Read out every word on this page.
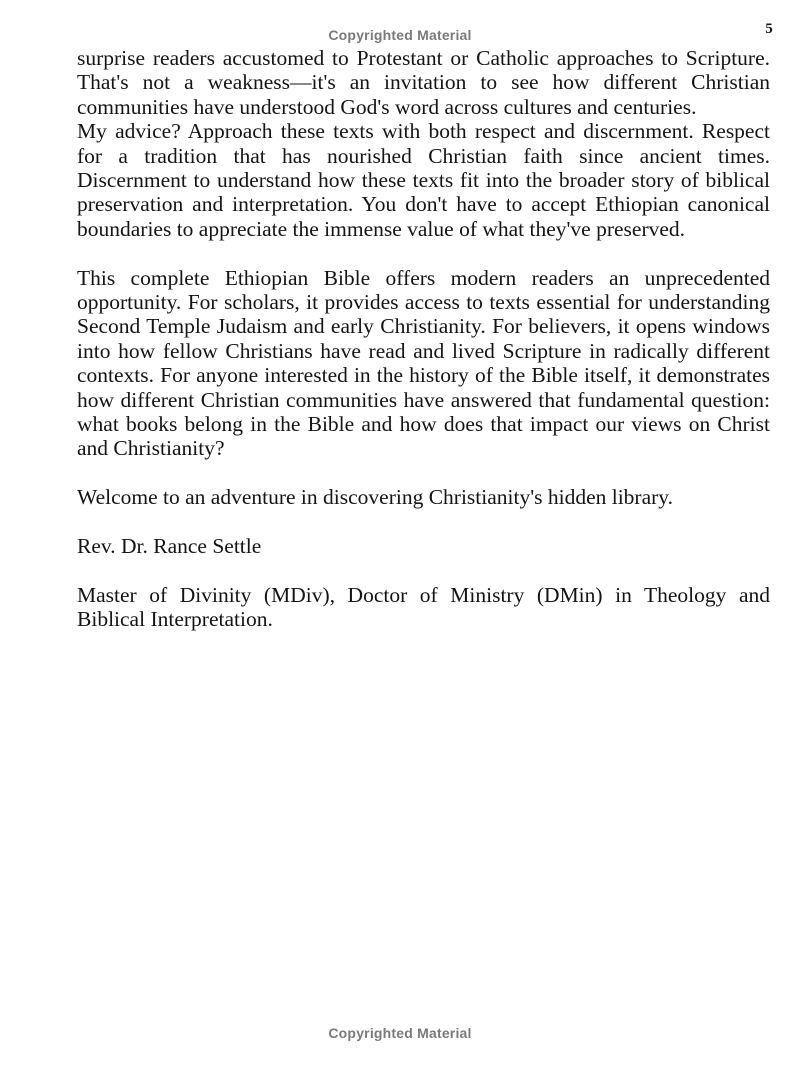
Copyrighted Material	5

surprise readers accustomed to Protestant or Catholic approaches to Scripture. That's not a weakness—it's an invitation to see how different Christian communities have understood God's word across cultures and centuries.

My advice? Approach these texts with both respect and discernment. Respect for a tradition that has nourished Christian faith since ancient times. Discernment to understand how these texts fit into the broader story of biblical preservation and interpretation. You don't have to accept Ethiopian canonical boundaries to appreciate the immense value of what they've preserved.

This complete Ethiopian Bible offers modern readers an unprecedented opportunity. For scholars, it provides access to texts essential for understanding Second Temple Judaism and early Christianity. For believers, it opens windows into how fellow Christians have read and lived Scripture in radically different contexts. For anyone interested in the history of the Bible itself, it demonstrates how different Christian communities have answered that fundamental question: what books belong in the Bible and how does that impact our views on Christ and Christianity?

Welcome to an adventure in discovering Christianity's hidden library.

Rev. Dr. Rance Settle

Master of Divinity (MDiv), Doctor of Ministry (DMin) in Theology and Biblical Interpretation.

Copyrighted Material
